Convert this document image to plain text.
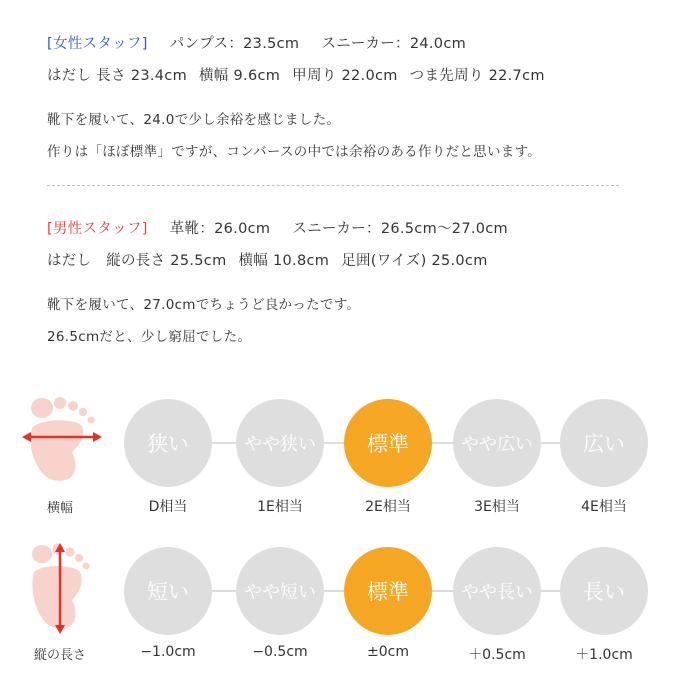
[女性スタッフ] パンプス：23.5cm スニーカー：24.0cm
はだし 長さ 23.4cm 横幅 9.6cm 甲周り 22.0cm つま先周り 22.7cm
靴下を履いて、24.0で少し余裕を感じました。
作りは「ほぼ標準」ですが、コンバースの中では余裕のある作りだと思います。
[男性スタッフ] 革靴：26.0cm スニーカー：26.5cm〜27.0cm
はだし　縦の長さ 25.5cm 横幅 10.8cm 足囲(ワイズ) 25.0cm
靴下を履いて、27.0cmでちょうど良かったです。
26.5cmだと、少し窮屈でした。
横幅
狭い
D相当
やや狭い
1E相当
標準
2E相当
やや広い
3E相当
広い
4E相当
縦の長さ
短い
−1.0cm
やや短い
−0.5cm
標準
±0cm
やや長い
＋0.5cm
長い
＋1.0cm
